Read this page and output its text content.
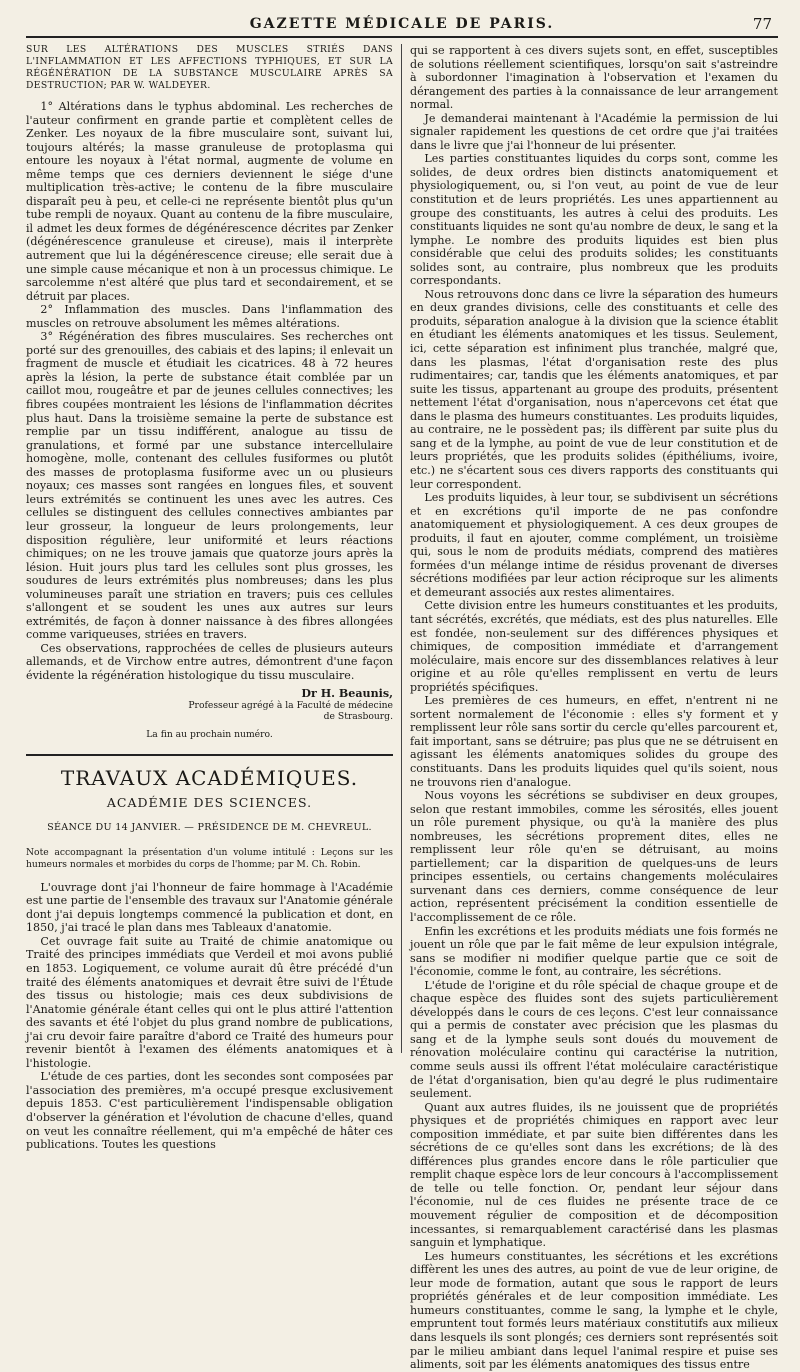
GAZETTE MÉDICALE DE PARIS.	77

SUR LES ALTÉRATIONS DES MUSCLES STRIÉS DANS L'INFLAMMATION ET LES AFFECTIONS TYPHIQUES, ET SUR LA RÉGÉNÉRATION DE LA SUBSTANCE MUSCULAIRE APRÈS SA DESTRUCTION; PAR W. WALDEYER.

1° Altérations dans le typhus abdominal. Les recherches de l'auteur confirment en grande partie et complètent celles de Zenker. Les noyaux de la fibre musculaire sont, suivant lui, toujours altérés; la masse granuleuse de protoplasma qui entoure les noyaux à l'état normal, augmente de volume en même temps que ces derniers deviennent le siége d'une multiplication très-active; le contenu de la fibre musculaire disparaît peu à peu, et celle-ci ne représente bientôt plus qu'un tube rempli de noyaux. Quant au contenu de la fibre musculaire, il admet les deux formes de dégénérescence décrites par Zenker (dégénérescence granuleuse et cireuse), mais il interprète autrement que lui la dégénérescence cireuse; elle serait due à une simple cause mécanique et non à un processus chimique. Le sarcolemme n'est altéré que plus tard et secondairement, et se détruit par places.

2° Inflammation des muscles. Dans l'inflammation des muscles on retrouve absolument les mêmes altérations.

3° Régénération des fibres musculaires. Ses recherches ont porté sur des grenouilles, des cabiais et des lapins; il enlevait un fragment de muscle et étudiait les cicatrices. 48 à 72 heures après la lésion, la perte de substance était comblée par un caillot mou, rougeâtre et par de jeunes cellules connectives; les fibres coupées montraient les lésions de l'inflammation décrites plus haut. Dans la troisième semaine la perte de substance est remplie par un tissu indifférent, analogue au tissu de granulations, et formé par une substance intercellulaire homogène, molle, contenant des cellules fusiformes ou plutôt des masses de protoplasma fusiforme avec un ou plusieurs noyaux; ces masses sont rangées en longues files, et souvent leurs extrémités se continuent les unes avec les autres. Ces cellules se distinguent des cellules connectives ambiantes par leur grosseur, la longueur de leurs prolongements, leur disposition régulière, leur uniformité et leurs réactions chimiques; on ne les trouve jamais que quatorze jours après la lésion. Huit jours plus tard les cellules sont plus grosses, les soudures de leurs extrémités plus nombreuses; dans les plus volumineuses paraît une striation en travers; puis ces cellules s'allongent et se soudent les unes aux autres sur leurs extrémités, de façon à donner naissance à des fibres allongées comme variqueuses, striées en travers.

Ces observations, rapprochées de celles de plusieurs auteurs allemands, et de Virchow entre autres, démontrent d'une façon évidente la régénération histologique du tissu musculaire.

Dr H. Beaunis,

Professeur agrégé à la Faculté de médecine

de Strasbourg.

La fin au prochain numéro.

TRAVAUX ACADÉMIQUES.

ACADÉMIE DES SCIENCES.

SÉANCE DU 14 JANVIER. — PRÉSIDENCE DE M. CHEVREUL.

Note accompagnant la présentation d'un volume intitulé : Leçons sur les humeurs normales et morbides du corps de l'homme; par M. Ch. Robin.

L'ouvrage dont j'ai l'honneur de faire hommage à l'Académie est une partie de l'ensemble des travaux sur l'Anatomie générale dont j'ai depuis longtemps commencé la publication et dont, en 1850, j'ai tracé le plan dans mes Tableaux d'anatomie.

Cet ouvrage fait suite au Traité de chimie anatomique ou Traité des principes immédiats que Verdeil et moi avons publié en 1853. Logiquement, ce volume aurait dû être précédé d'un traité des éléments anatomiques et devrait être suivi de l'Étude des tissus ou histologie; mais ces deux subdivisions de l'Anatomie générale étant celles qui ont le plus attiré l'attention des savants et été l'objet du plus grand nombre de publications, j'ai cru devoir faire paraître d'abord ce Traité des humeurs pour revenir bientôt à l'examen des éléments anatomiques et à l'histologie.

L'étude de ces parties, dont les secondes sont composées par l'association des premières, m'a occupé presque exclusivement depuis 1853. C'est particulièrement l'indispensable obligation d'observer la génération et l'évolution de chacune d'elles, quand on veut les connaître réellement, qui m'a empêché de hâter ces publications. Toutes les questions

qui se rapportent à ces divers sujets sont, en effet, susceptibles de solutions réellement scientifiques, lorsqu'on sait s'astreindre à subordonner l'imagination à l'observation et l'examen du dérangement des parties à la connaissance de leur arrangement normal.

Je demanderai maintenant à l'Académie la permission de lui signaler rapidement les questions de cet ordre que j'ai traitées dans le livre que j'ai l'honneur de lui présenter.

Les parties constituantes liquides du corps sont, comme les solides, de deux ordres bien distincts anatomiquement et physiologiquement, ou, si l'on veut, au point de vue de leur constitution et de leurs propriétés. Les unes appartiennent au groupe des constituants, les autres à celui des produits. Les constituants liquides ne sont qu'au nombre de deux, le sang et la lymphe. Le nombre des produits liquides est bien plus considérable que celui des produits solides; les constituants solides sont, au contraire, plus nombreux que les produits correspondants.

Nous retrouvons donc dans ce livre la séparation des humeurs en deux grandes divisions, celle des constituants et celle des produits, séparation analogue à la division que la science établit en étudiant les éléments anatomiques et les tissus. Seulement, ici, cette séparation est infiniment plus tranchée, malgré que, dans les plasmas, l'état d'organisation reste des plus rudimentaires; car, tandis que les éléments anatomiques, et par suite les tissus, appartenant au groupe des produits, présentent nettement l'état d'organisation, nous n'apercevons cet état que dans le plasma des humeurs constituantes. Les produits liquides, au contraire, ne le possèdent pas; ils diffèrent par suite plus du sang et de la lymphe, au point de vue de leur constitution et de leurs propriétés, que les produits solides (épithéliums, ivoire, etc.) ne s'écartent sous ces divers rapports des constituants qui leur correspondent.

Les produits liquides, à leur tour, se subdivisent un sécrétions et en excrétions qu'il importe de ne pas confondre anatomiquement et physiologiquement. A ces deux groupes de produits, il faut en ajouter, comme complément, un troisième qui, sous le nom de produits médiats, comprend des matières formées d'un mélange intime de résidus provenant de diverses sécrétions modifiées par leur action réciproque sur les aliments et demeurant associés aux restes alimentaires.

Cette division entre les humeurs constituantes et les produits, tant sécrétés, excrétés, que médiats, est des plus naturelles. Elle est fondée, non-seulement sur des différences physiques et chimiques, de composition immédiate et d'arrangement moléculaire, mais encore sur des dissemblances relatives à leur origine et au rôle qu'elles remplissent en vertu de leurs propriétés spécifiques.

Les premières de ces humeurs, en effet, n'entrent ni ne sortent normalement de l'économie : elles s'y forment et y remplissent leur rôle sans sortir du cercle qu'elles parcourent et, fait important, sans se détruire; pas plus que ne se détruisent en agissant les éléments anatomiques solides du groupe des constituants. Dans les produits liquides quel qu'ils soient, nous ne trouvons rien d'analogue.

Nous voyons les sécrétions se subdiviser en deux groupes, selon que restant immobiles, comme les sérosités, elles jouent un rôle purement physique, ou qu'à la manière des plus nombreuses, les sécrétions proprement dites, elles ne remplissent leur rôle qu'en se détruisant, au moins partiellement; car la disparition de quelques-uns de leurs principes essentiels, ou certains changements moléculaires survenant dans ces derniers, comme conséquence de leur action, représentent précisément la condition essentielle de l'accomplissement de ce rôle.

Enfin les excrétions et les produits médiats une fois formés ne jouent un rôle que par le fait même de leur expulsion intégrale, sans se modifier ni modifier quelque partie que ce soit de l'économie, comme le font, au contraire, les sécrétions.

L'étude de l'origine et du rôle spécial de chaque groupe et de chaque espèce des fluides sont des sujets particulièrement développés dans le cours de ces leçons. C'est leur connaissance qui a permis de constater avec précision que les plasmas du sang et de la lymphe seuls sont doués du mouvement de rénovation moléculaire continu qui caractérise la nutrition, comme seuls aussi ils offrent l'état moléculaire caractéristique de l'état d'organisation, bien qu'au degré le plus rudimentaire seulement.

Quant aux autres fluides, ils ne jouissent que de propriétés physiques et de propriétés chimiques en rapport avec leur composition immédiate, et par suite bien différentes dans les sécrétions de ce qu'elles sont dans les excrétions; de là des différences plus grandes encore dans le rôle particulier que remplit chaque espèce lors de leur concours à l'accomplissement de telle ou telle fonction. Or, pendant leur séjour dans l'économie, nul de ces fluides ne présente trace de ce mouvement régulier de composition et de décomposition incessantes, si remarquablement caractérisé dans les plasmas sanguin et lymphatique.

Les humeurs constituantes, les sécrétions et les excrétions diffèrent les unes des autres, au point de vue de leur origine, de leur mode de formation, autant que sous le rapport de leurs propriétés générales et de leur composition immédiate. Les humeurs constituantes, comme le sang, la lymphe et le chyle, empruntent tout formés leurs matériaux constitutifs aux milieux dans lesquels ils sont plongés; ces derniers sont représentés soit par le milieu ambiant dans lequel l'animal respire et puise ses aliments, soit par les éléments anatomiques des tissus entre
